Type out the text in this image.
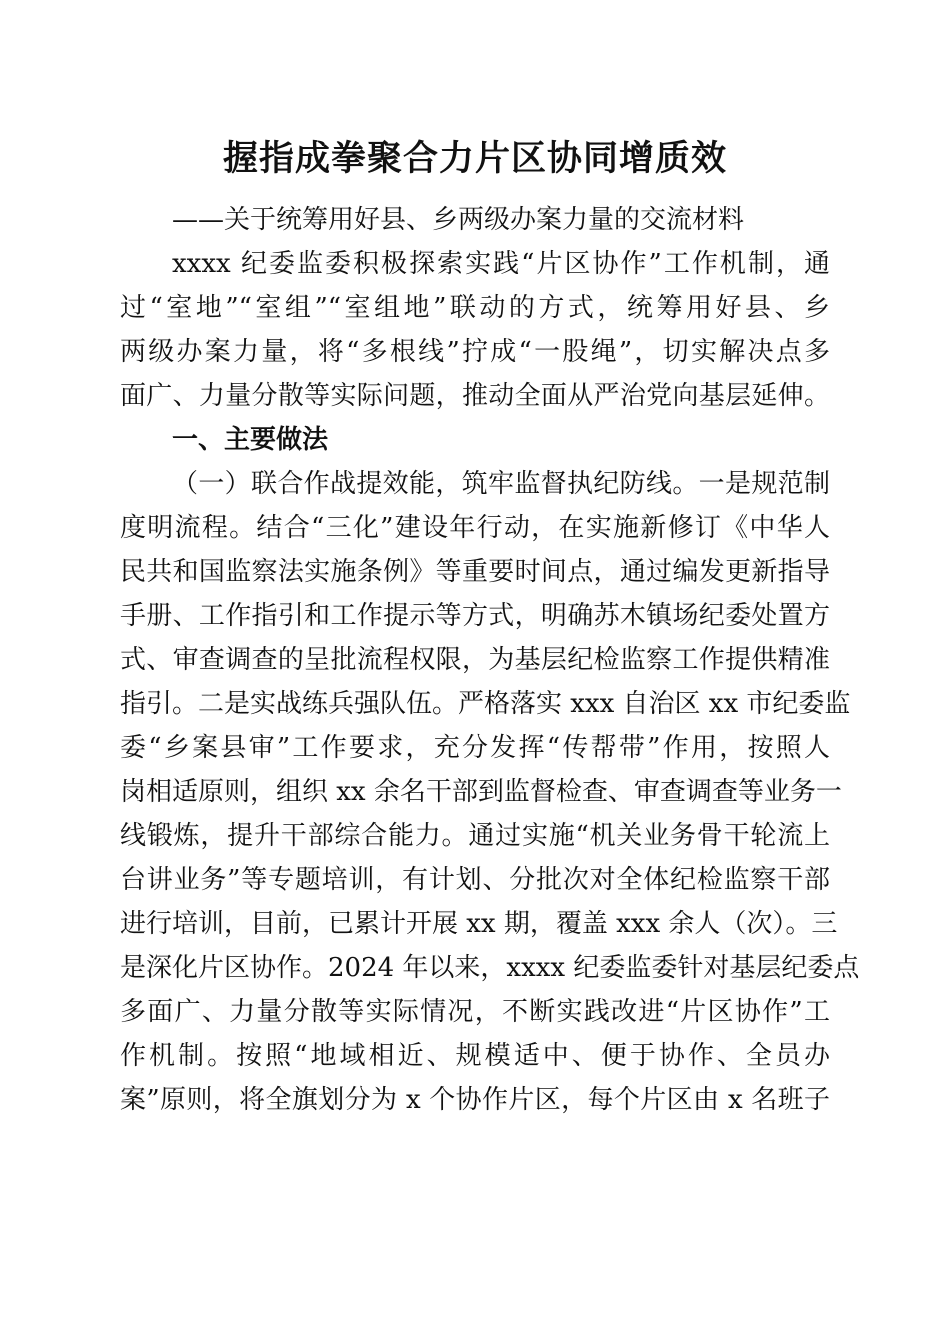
握指成拳聚合力片区协同增质效
——关于统筹用好县、乡两级办案力量的交流材料
xxxx 纪委监委积极探索实践“片区协作”工作机制，通
过“室地”“室组”“室组地”联动的方式，统筹用好县、乡
两级办案力量，将“多根线”拧成“一股绳”，切实解决点多
面广、力量分散等实际问题，推动全面从严治党向基层延伸。
一、主要做法
（一）联合作战提效能，筑牢监督执纪防线。一是规范制
度明流程。结合“三化”建设年行动，在实施新修订《中华人
民共和国监察法实施条例》等重要时间点，通过编发更新指导
手册、工作指引和工作提示等方式，明确苏木镇场纪委处置方
式、审查调查的呈批流程权限，为基层纪检监察工作提供精准
指引。二是实战练兵强队伍。严格落实 xxx 自治区 xx 市纪委监
委“乡案县审”工作要求，充分发挥“传帮带”作用，按照人
岗相适原则，组织 xx 余名干部到监督检查、审查调查等业务一
线锻炼，提升干部综合能力。通过实施“机关业务骨干轮流上
台讲业务”等专题培训，有计划、分批次对全体纪检监察干部
进行培训，目前，已累计开展 xx 期，覆盖 xxx 余人（次）。三
是深化片区协作。2024 年以来，xxxx 纪委监委针对基层纪委点
多面广、力量分散等实际情况，不断实践改进“片区协作”工
作机制。按照“地域相近、规模适中、便于协作、全员办
案”原则，将全旗划分为 x 个协作片区，每个片区由 x 名班子
